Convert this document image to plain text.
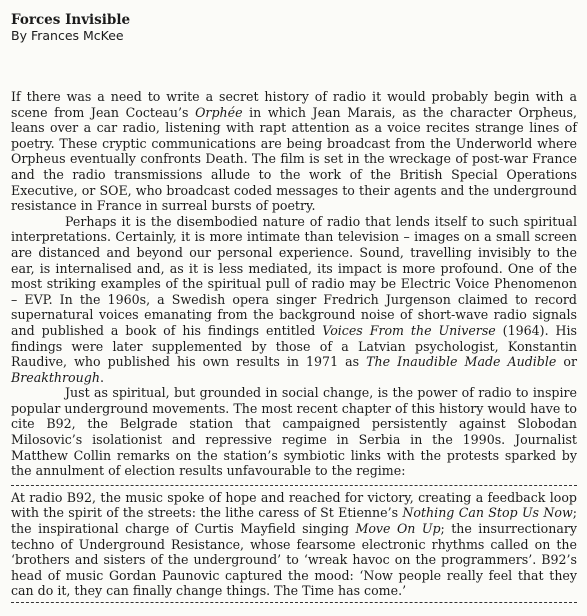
Forces Invisible
By Frances McKee

If there was a need to write a secret history of radio it would probably begin with a scene from Jean Cocteau’s Orphée in which Jean Marais, as the character Orpheus, leans over a car radio, listening with rapt attention as a voice recites strange lines of poetry. These cryptic communications are being broadcast from the Underworld where Orpheus eventually confronts Death. The film is set in the wreckage of post-war France and the radio transmissions allude to the work of the British Special Operations Executive, or SOE, who broadcast coded messages to their agents and the underground resistance in France in surreal bursts of poetry.

Perhaps it is the disembodied nature of radio that lends itself to such spiritual interpretations. Certainly, it is more intimate than television – images on a small screen are distanced and beyond our personal experience. Sound, travelling invisibly to the ear, is internalised and, as it is less mediated, its impact is more profound. One of the most striking examples of the spiritual pull of radio may be Electric Voice Phenomenon – EVP. In the 1960s, a Swedish opera singer Fredrich Jurgenson claimed to record supernatural voices emanating from the background noise of short-wave radio signals and published a book of his findings entitled Voices From the Universe (1964). His findings were later supplemented by those of a Latvian psychologist, Konstantin Raudive, who published his own results in 1971 as The Inaudible Made Audible or Breakthrough.

Just as spiritual, but grounded in social change, is the power of radio to inspire popular underground movements. The most recent chapter of this history would have to cite B92, the Belgrade station that campaigned persistently against Slobodan Milosovic’s isolationist and repressive regime in Serbia in the 1990s. Journalist Matthew Collin remarks on the station’s symbiotic links with the protests sparked by the annulment of election results unfavourable to the regime:

At radio B92, the music spoke of hope and reached for victory, creating a feedback loop with the spirit of the streets: the lithe caress of St Etienne’s Nothing Can Stop Us Now; the inspirational charge of Curtis Mayfield singing Move On Up; the insurrectionary techno of Underground Resistance, whose fearsome electronic rhythms called on the ‘brothers and sisters of the underground’ to ‘wreak havoc on the programmers’. B92’s head of music Gordan Paunovic captured the mood: ‘Now people really feel that they can do it, they can finally change things. The Time has come.’
